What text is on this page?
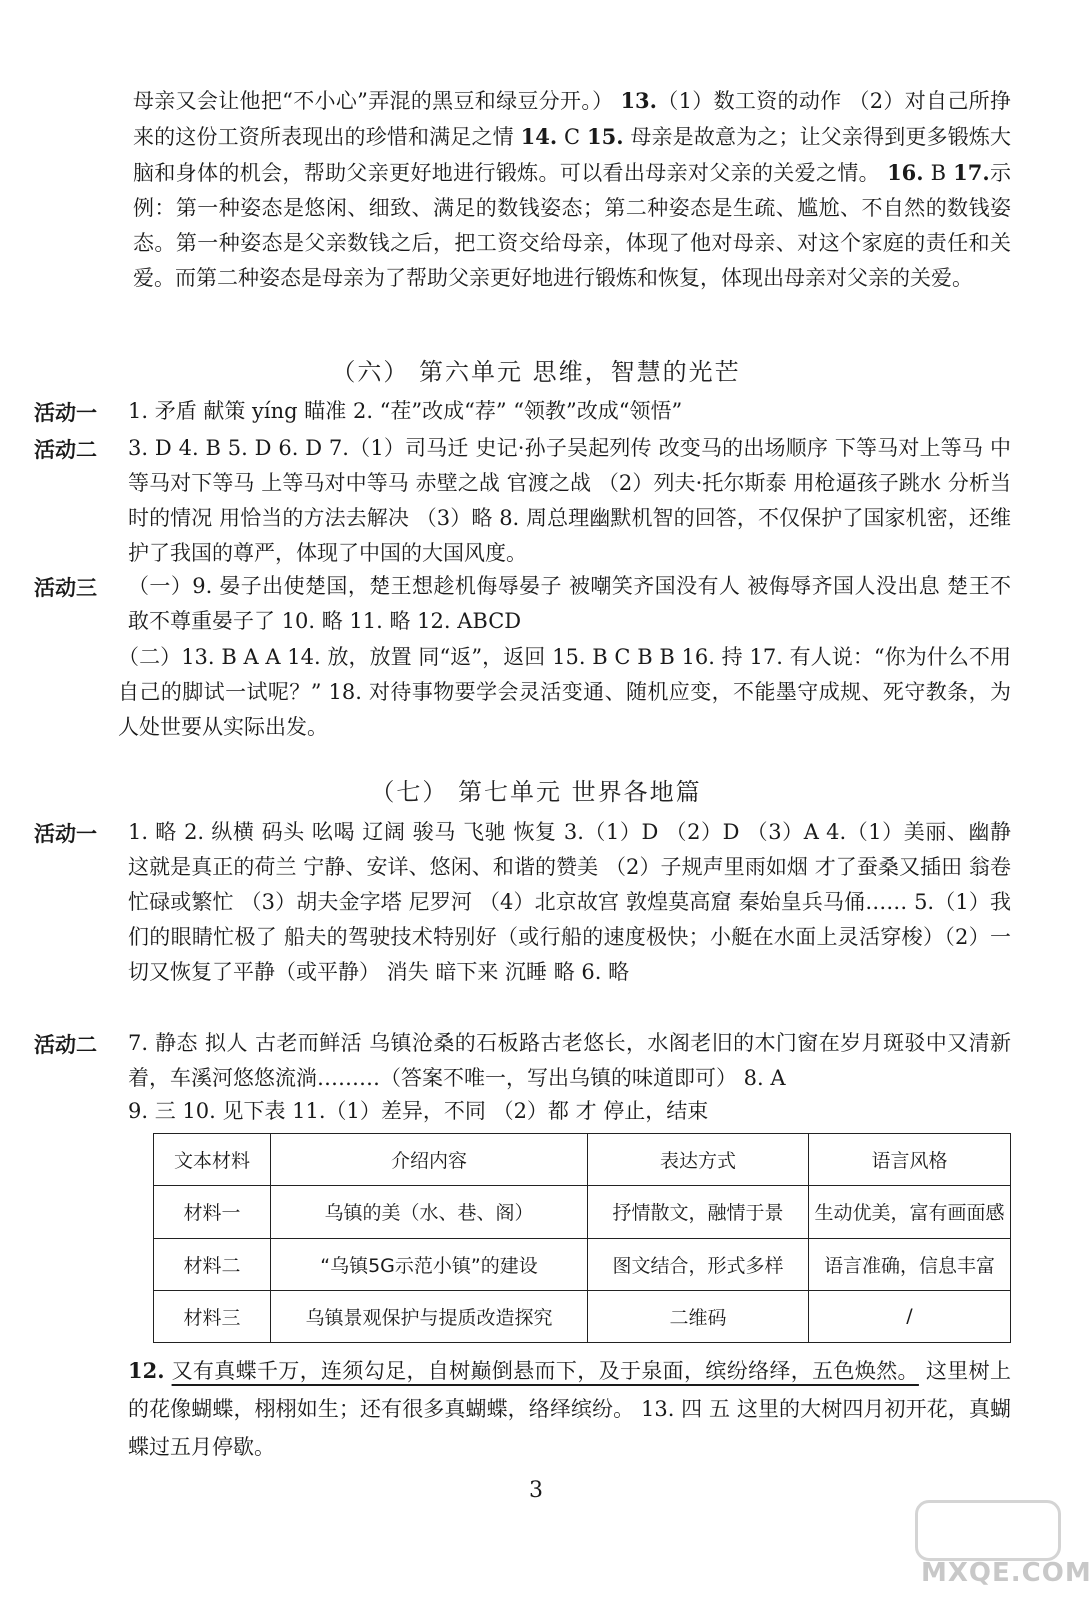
母亲又会让他把“不小心”弄混的黑豆和绿豆分开。） 13.（1）数工资的动作 （2）对自己所挣来的这份工资所表现出的珍惜和满足之情 14. C 15. 母亲是故意为之；让父亲得到更多锻炼大脑和身体的机会，帮助父亲更好地进行锻炼。可以看出母亲对父亲的关爱之情。 16. B 17.示例：第一种姿态是悠闲、细致、满足的数钱姿态；第二种姿态是生疏、尴尬、不自然的数钱姿态。第一种姿态是父亲数钱之后，把工资交给母亲，体现了他对母亲、对这个家庭的责任和关爱。而第二种姿态是母亲为了帮助父亲更好地进行锻炼和恢复，体现出母亲对父亲的关爱。

（六） 第六单元 思维，智慧的光芒
活动一 1. 矛盾 献策 yíng 瞄准 2. “茬”改成“荐” “领教”改成“领悟”

活动二 3. D 4. B 5. D 6. D 7.（1）司马迁 史记·孙子吴起列传 改变马的出场顺序 下等马对上等马 中等马对下等马 上等马对中等马 赤壁之战 官渡之战 （2）列夫·托尔斯泰 用枪逼孩子跳水 分析当时的情况 用恰当的方法去解决 （3）略 8. 周总理幽默机智的回答，不仅保护了国家机密，还维护了我国的尊严，体现了中国的大国风度。

活动三 （一）9. 晏子出使楚国，楚王想趁机侮辱晏子 被嘲笑齐国没有人 被侮辱齐国人没出息 楚王不敢不尊重晏子了 10. 略 11. 略 12. ABCD

（二）13. B A A 14. 放，放置 同“返”，返回 15. B C B B 16. 持 17. 有人说：“你为什么不用自己的脚试一试呢？” 18. 对待事物要学会灵活变通、随机应变，不能墨守成规、死守教条，为人处世要从实际出发。

（七） 第七单元 世界各地篇
活动一 1. 略 2. 纵横 码头 吆喝 辽阔 骏马 飞驰 恢复 3.（1）D （2）D （3）A 4.（1）美丽、幽静 这就是真正的荷兰 宁静、安详、悠闲、和谐的赞美 （2）子规声里雨如烟 才了蚕桑又插田 翁卷 忙碌或繁忙 （3）胡夫金字塔 尼罗河 （4）北京故宫 敦煌莫高窟 秦始皇兵马俑…… 5.（1）我们的眼睛忙极了 船夫的驾驶技术特别好（或行船的速度极快；小艇在水面上灵活穿梭）（2）一切又恢复了平静（或平静） 消失 暗下来 沉睡 略 6. 略

活动二 7. 静态 拟人 古老而鲜活 乌镇沧桑的石板路古老悠长，水阁老旧的木门窗在岁月斑驳中又清新着，车溪河悠悠流淌………（答案不唯一，写出乌镇的味道即可） 8. A

9. 三 10. 见下表 11.（1）差异，不同 （2）都 才 停止，结束

文本材料	介绍内容	表达方式	语言风格
材料一	乌镇的美（水、巷、阁）	抒情散文，融情于景	生动优美，富有画面感
材料二	“乌镇5G示范小镇”的建设	图文结合，形式多样	语言准确，信息丰富
材料三	乌镇景观保护与提质改造探究	二维码	/

12. 又有真蝶千万，连须勾足，自树巅倒悬而下，及于泉面，缤纷络绎，五色焕然。 这里树上的花像蝴蝶，栩栩如生；还有很多真蝴蝶，络绎缤纷。 13. 四 五 这里的大树四月初开花，真蝴蝶过五月停歇。

3
MXQE.COM
